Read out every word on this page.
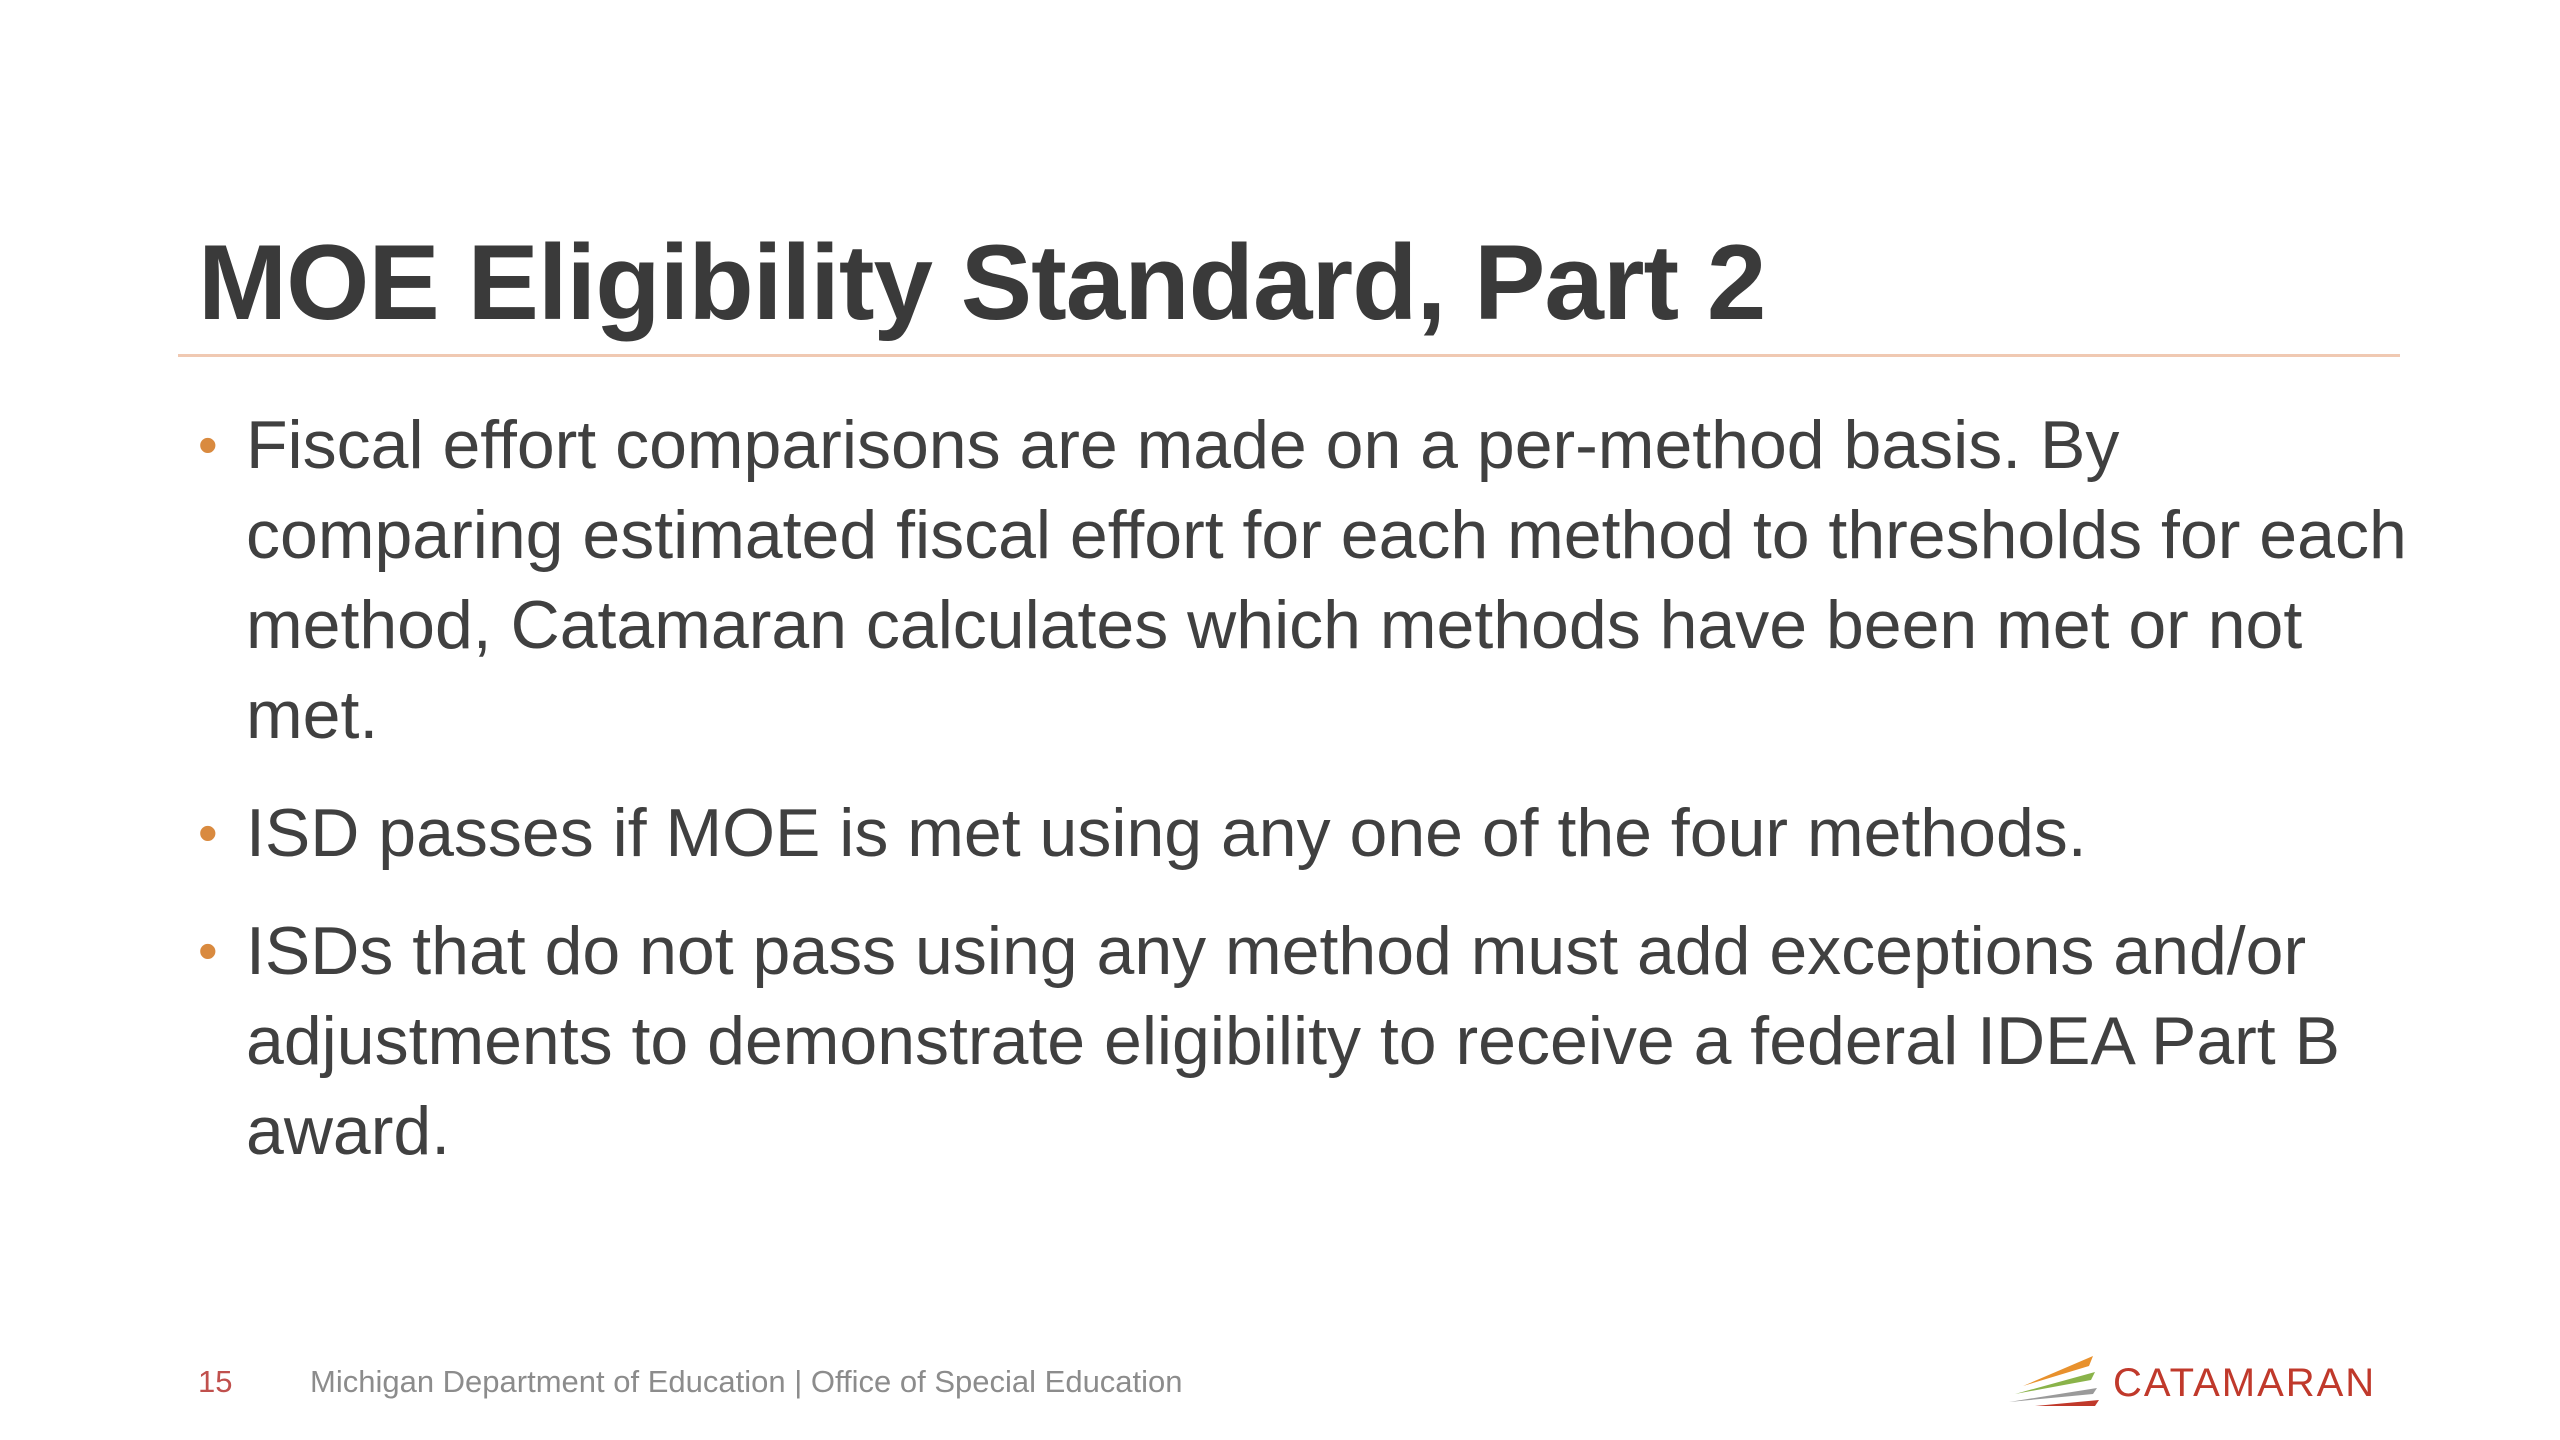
MOE Eligibility Standard, Part 2
• Fiscal effort comparisons are made on a per-method basis. By comparing estimated fiscal effort for each method to thresholds for each method, Catamaran calculates which methods have been met or not met.
• ISD passes if MOE is met using any one of the four methods.
• ISDs that do not pass using any method must add exceptions and/or adjustments to demonstrate eligibility to receive a federal IDEA Part B award.
15	Michigan Department of Education | Office of Special Education	CATAMARAN
